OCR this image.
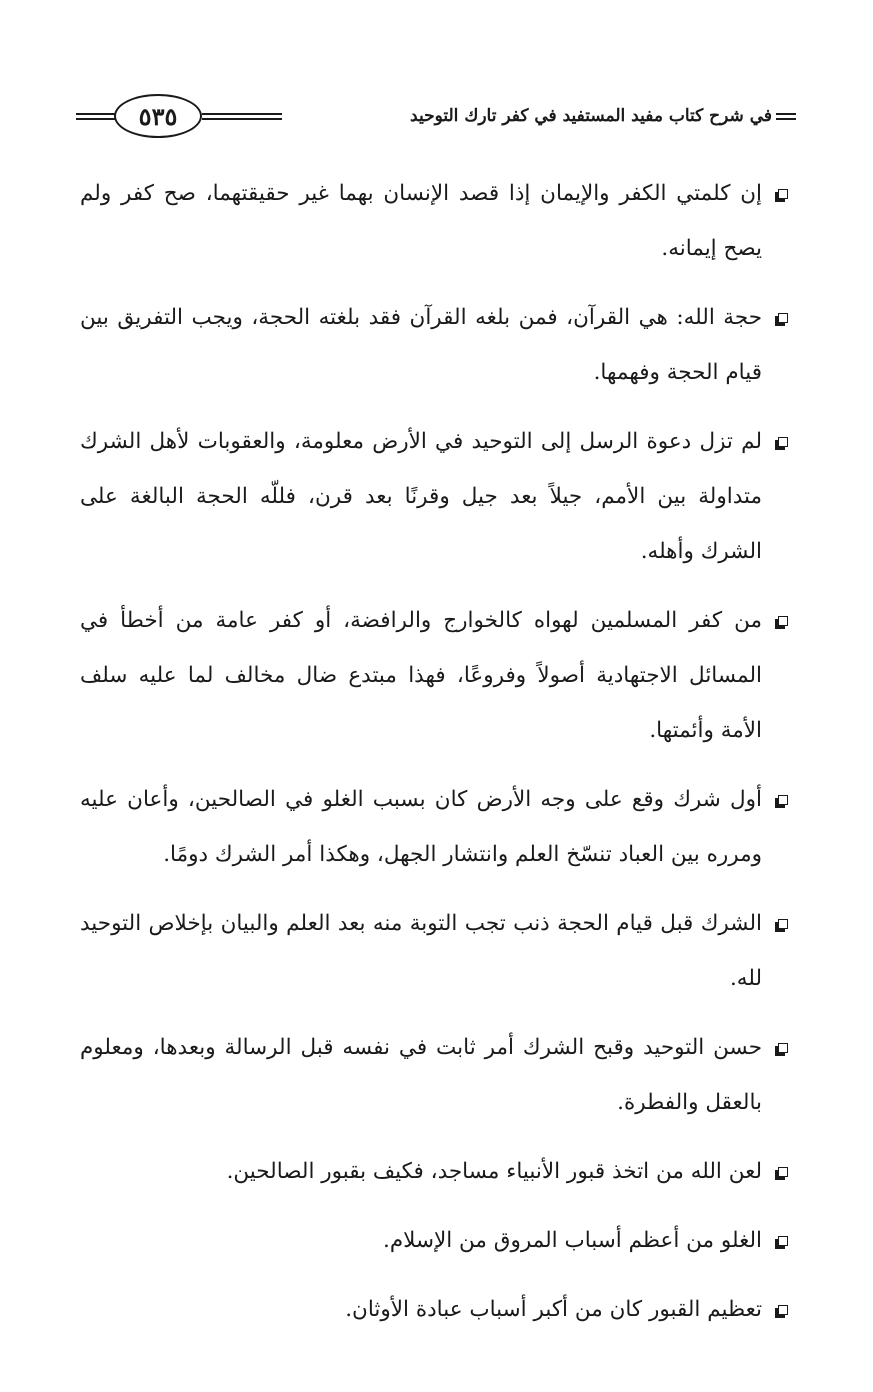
٥٣٥	في شرح كتاب مفيد المستفيد في كفر تارك التوحيد
إن كلمتي الكفر والإيمان إذا قصد الإنسان بهما غير حقيقتهما، صح كفر ولم يصح إيمانه.
حجة الله: هي القرآن، فمن بلغه القرآن فقد بلغته الحجة، ويجب التفريق بين قيام الحجة وفهمها.
لم تزل دعوة الرسل إلى التوحيد في الأرض معلومة، والعقوبات لأهل الشرك متداولة بين الأمم، جيلاً بعد جيل وقرنًا بعد قرن، فللّه الحجة البالغة على الشرك وأهله.
من كفر المسلمين لهواه كالخوارج والرافضة، أو كفر عامة من أخطأ في المسائل الاجتهادية أصولاً وفروعًا، فهذا مبتدع ضال مخالف لما عليه سلف الأمة وأئمتها.
أول شرك وقع على وجه الأرض كان بسبب الغلو في الصالحين، وأعان عليه ومرره بين العباد تنسّخ العلم وانتشار الجهل، وهكذا أمر الشرك دومًا.
الشرك قبل قيام الحجة ذنب تجب التوبة منه بعد العلم والبيان بإخلاص التوحيد لله.
حسن التوحيد وقبح الشرك أمر ثابت في نفسه قبل الرسالة وبعدها، ومعلوم بالعقل والفطرة.
لعن الله من اتخذ قبور الأنبياء مساجد، فكيف بقبور الصالحين.
الغلو من أعظم أسباب المروق من الإسلام.
تعظيم القبور كان من أكبر أسباب عبادة الأوثان.
